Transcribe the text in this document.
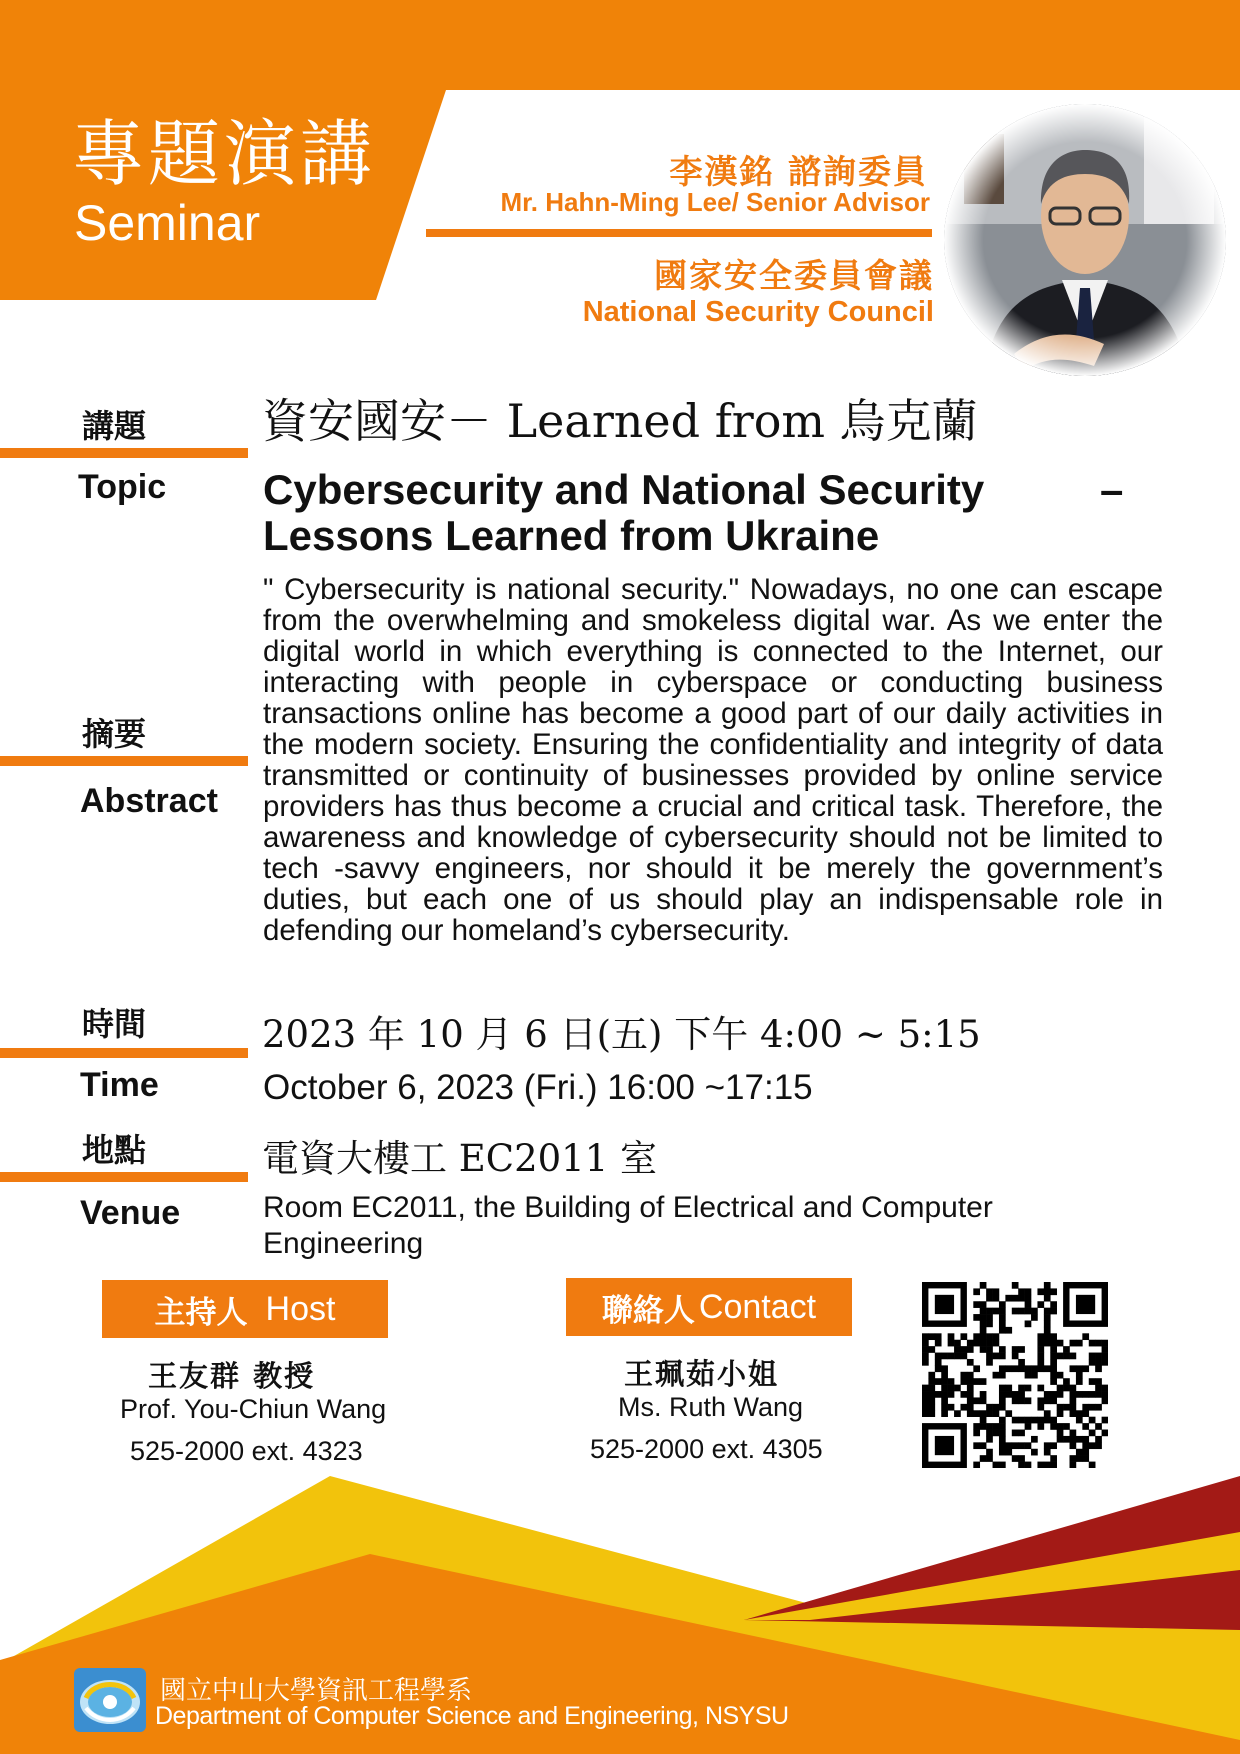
專題演講
Seminar
李漢銘 諮詢委員
Mr. Hahn-Ming Lee/ Senior Advisor
國家安全委員會議
National Security Council
講題
Topic
資安國安－ Learned from 烏克蘭
Cybersecurity and National Security	–
Lessons Learned from Ukraine
摘要
Abstract
" Cybersecurity is national security." Nowadays, no one can escape from the overwhelming and smokeless digital war. As we enter the digital world in which everything is connected to the Internet, our interacting with people in cyberspace or conducting business transactions online has become a good part of our daily activities in the modern society. Ensuring the confidentiality and integrity of data transmitted or continuity of businesses provided by online service providers has thus become a crucial and critical task. Therefore, the awareness and knowledge of cybersecurity should not be limited to tech -savvy engineers, nor should it be merely the government’s duties, but each one of us should play an indispensable role in defending our homeland’s cybersecurity.
時間
Time
2023 年 10 月 6 日(五) 下午 4:00 ~ 5:15
October 6, 2023 (Fri.) 16:00 ~17:15
地點
Venue
電資大樓工 EC2011 室
Room EC2011, the Building of Electrical and Computer Engineering
主持人 Host
王友群 教授
Prof. You-Chiun Wang
525-2000 ext. 4323
聯絡人 Contact
王珮茹小姐
Ms. Ruth Wang
525-2000 ext. 4305
國立中山大學資訊工程學系
Department of Computer Science and Engineering, NSYSU
